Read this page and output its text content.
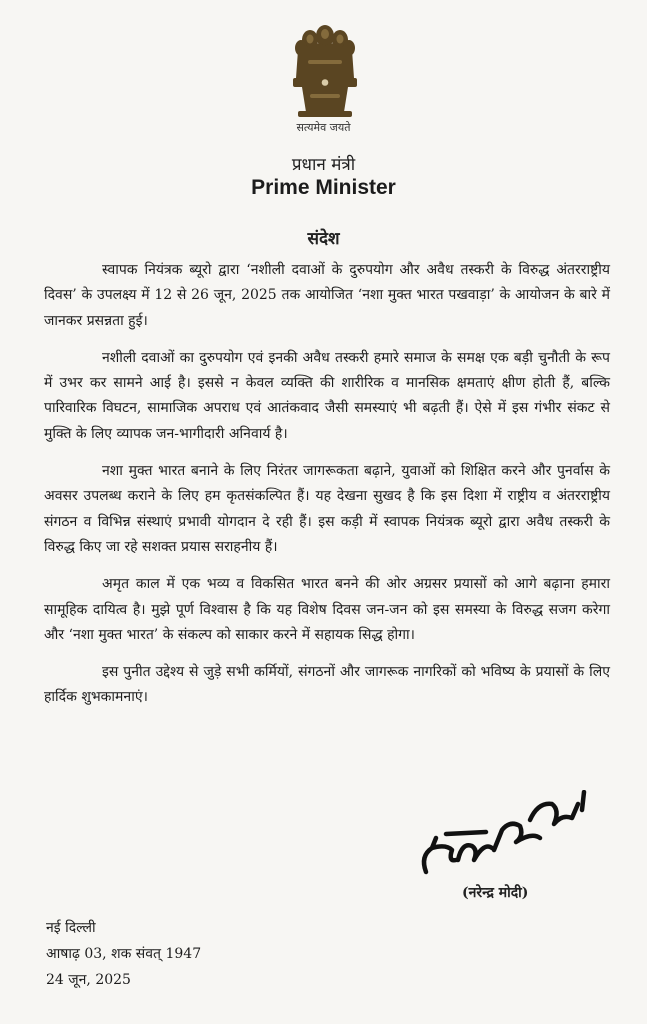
सत्यमेव जयते
प्रधान मंत्री
Prime Minister
संदेश

स्वापक नियंत्रक ब्यूरो द्वारा ‘नशीली दवाओं के दुरुपयोग और अवैध तस्करी के विरुद्ध अंतरराष्ट्रीय दिवस’ के उपलक्ष्य में 12 से 26 जून, 2025 तक आयोजित ‘नशा मुक्त भारत पखवाड़ा’ के आयोजन के बारे में जानकर प्रसन्नता हुई।

नशीली दवाओं का दुरुपयोग एवं इनकी अवैध तस्करी हमारे समाज के समक्ष एक बड़ी चुनौती के रूप में उभर कर सामने आई है। इससे न केवल व्यक्ति की शारीरिक व मानसिक क्षमताएं क्षीण होती हैं, बल्कि पारिवारिक विघटन, सामाजिक अपराध एवं आतंकवाद जैसी समस्याएं भी बढ़ती हैं। ऐसे में इस गंभीर संकट से मुक्ति के लिए व्यापक जन-भागीदारी अनिवार्य है।

नशा मुक्त भारत बनाने के लिए निरंतर जागरूकता बढ़ाने, युवाओं को शिक्षित करने और पुनर्वास के अवसर उपलब्ध कराने के लिए हम कृतसंकल्पित हैं। यह देखना सुखद है कि इस दिशा में राष्ट्रीय व अंतरराष्ट्रीय संगठन व विभिन्न संस्थाएं प्रभावी योगदान दे रही हैं। इस कड़ी में स्वापक नियंत्रक ब्यूरो द्वारा अवैध तस्करी के विरुद्ध किए जा रहे सशक्त प्रयास सराहनीय हैं।

अमृत काल में एक भव्य व विकसित भारत बनने की ओर अग्रसर प्रयासों को आगे बढ़ाना हमारा सामूहिक दायित्व है। मुझे पूर्ण विश्वास है कि यह विशेष दिवस जन-जन को इस समस्या के विरुद्ध सजग करेगा और ‘नशा मुक्त भारत’ के संकल्प को साकार करने में सहायक सिद्ध होगा।

इस पुनीत उद्देश्य से जुड़े सभी कर्मियों, संगठनों और जागरूक नागरिकों को भविष्य के प्रयासों के लिए हार्दिक शुभकामनाएं।

(नरेन्द्र मोदी)
नई दिल्ली
आषाढ़ 03, शक संवत् 1947
24 जून, 2025
